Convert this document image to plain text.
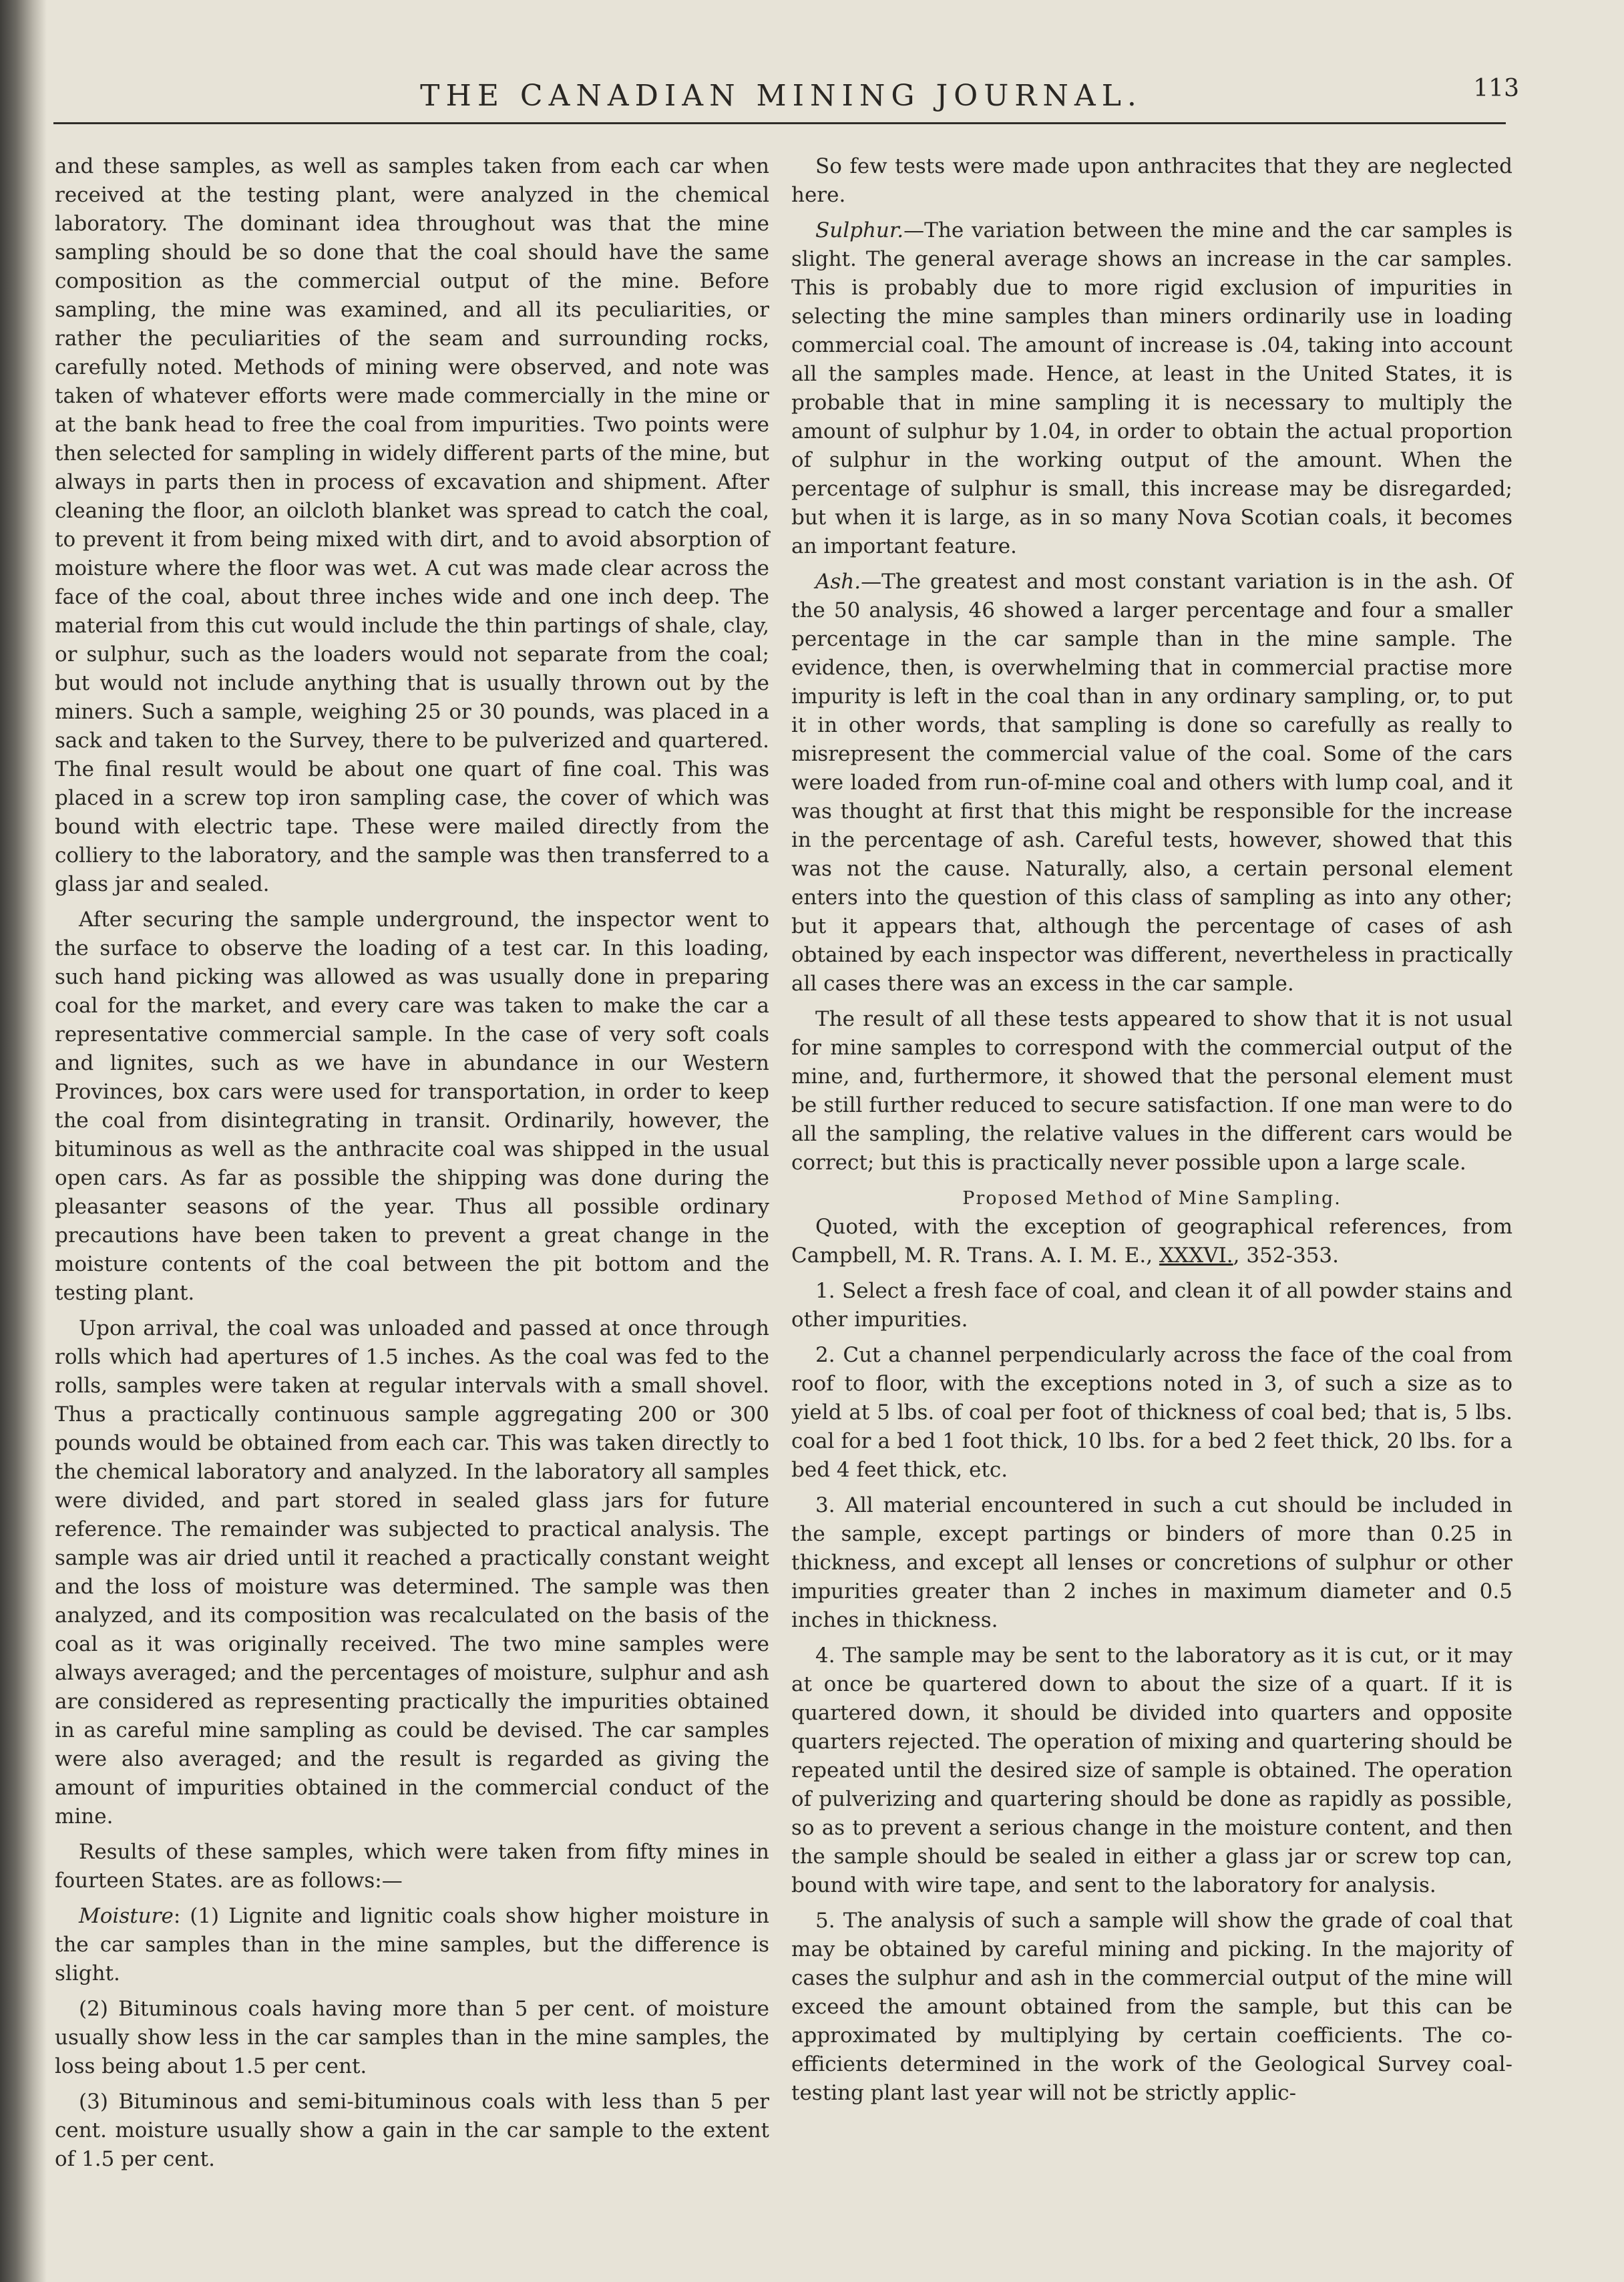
THE CANADIAN MINING JOURNAL.	113

and these samples, as well as samples taken from each car when received at the testing plant, were analyzed in the chemical laboratory. The dominant idea throughout was that the mine sampling should be so done that the coal should have the same composition as the commercial output of the mine. Before sampling, the mine was examined, and all its peculiarities, or rather the peculiarities of the seam and surrounding rocks, carefully noted. Methods of mining were observed, and note was taken of whatever efforts were made commercially in the mine or at the bank head to free the coal from impurities. Two points were then selected for sampling in widely different parts of the mine, but always in parts then in process of excavation and shipment. After cleaning the floor, an oilcloth blanket was spread to catch the coal, to prevent it from being mixed with dirt, and to avoid absorption of moisture where the floor was wet. A cut was made clear across the face of the coal, about three inches wide and one inch deep. The material from this cut would include the thin partings of shale, clay, or sulphur, such as the loaders would not separate from the coal; but would not include anything that is usually thrown out by the miners. Such a sample, weighing 25 or 30 pounds, was placed in a sack and taken to the Survey, there to be pulverized and quartered. The final result would be about one quart of fine coal. This was placed in a screw top iron sampling case, the cover of which was bound with electric tape. These were mailed directly from the colliery to the laboratory, and the sample was then transferred to a glass jar and sealed.

After securing the sample underground, the inspector went to the surface to observe the loading of a test car. In this loading, such hand picking was allowed as was usually done in preparing coal for the market, and every care was taken to make the car a representative commercial sample. In the case of very soft coals and lignites, such as we have in abundance in our Western Provinces, box cars were used for transportation, in order to keep the coal from disintegrating in transit. Ordinarily, however, the bituminous as well as the anthracite coal was shipped in the usual open cars. As far as possible the shipping was done during the pleasanter seasons of the year. Thus all possible ordinary precautions have been taken to prevent a great change in the moisture contents of the coal between the pit bottom and the testing plant.

Upon arrival, the coal was unloaded and passed at once through rolls which had apertures of 1.5 inches. As the coal was fed to the rolls, samples were taken at regular intervals with a small shovel. Thus a practically continuous sample aggregating 200 or 300 pounds would be obtained from each car. This was taken directly to the chemical laboratory and analyzed. In the laboratory all samples were divided, and part stored in sealed glass jars for future reference. The remainder was subjected to practical analysis. The sample was air dried until it reached a practically constant weight and the loss of moisture was determined. The sample was then analyzed, and its composition was recalculated on the basis of the coal as it was originally received. The two mine samples were always averaged; and the percentages of moisture, sulphur and ash are considered as representing practically the impurities obtained in as careful mine sampling as could be devised. The car samples were also averaged; and the result is regarded as giving the amount of impurities obtained in the commercial conduct of the mine.

Results of these samples, which were taken from fifty mines in fourteen States. are as follows:—

Moisture: (1) Lignite and lignitic coals show higher moisture in the car samples than in the mine samples, but the difference is slight.

(2) Bituminous coals having more than 5 per cent. of moisture usually show less in the car samples than in the mine samples, the loss being about 1.5 per cent.

(3) Bituminous and semi-bituminous coals with less than 5 per cent. moisture usually show a gain in the car sample to the extent of 1.5 per cent.

So few tests were made upon anthracites that they are neglected here.

Sulphur.—The variation between the mine and the car samples is slight. The general average shows an increase in the car samples. This is probably due to more rigid exclusion of impurities in selecting the mine samples than miners ordinarily use in loading commercial coal. The amount of increase is .04, taking into account all the samples made. Hence, at least in the United States, it is probable that in mine sampling it is necessary to multiply the amount of sulphur by 1.04, in order to obtain the actual proportion of sulphur in the working output of the amount. When the percentage of sulphur is small, this increase may be disregarded; but when it is large, as in so many Nova Scotian coals, it becomes an important feature.

Ash.—The greatest and most constant variation is in the ash. Of the 50 analysis, 46 showed a larger percentage and four a smaller percentage in the car sample than in the mine sample. The evidence, then, is overwhelming that in commercial practise more impurity is left in the coal than in any ordinary sampling, or, to put it in other words, that sampling is done so carefully as really to misrepresent the commercial value of the coal. Some of the cars were loaded from run-of-mine coal and others with lump coal, and it was thought at first that this might be responsible for the increase in the percentage of ash. Careful tests, however, showed that this was not the cause. Naturally, also, a certain personal element enters into the question of this class of sampling as into any other; but it appears that, although the percentage of cases of ash obtained by each inspector was different, nevertheless in practically all cases there was an excess in the car sample.

The result of all these tests appeared to show that it is not usual for mine samples to correspond with the commercial output of the mine, and, furthermore, it showed that the personal element must be still further reduced to secure satisfaction. If one man were to do all the sampling, the relative values in the different cars would be correct; but this is practically never possible upon a large scale.

Proposed Method of Mine Sampling.

Quoted, with the exception of geographical references, from Campbell, M. R. Trans. A. I. M. E., XXXVI., 352-353.

1. Select a fresh face of coal, and clean it of all powder stains and other impurities.

2. Cut a channel perpendicularly across the face of the coal from roof to floor, with the exceptions noted in 3, of such a size as to yield at 5 lbs. of coal per foot of thickness of coal bed; that is, 5 lbs. coal for a bed 1 foot thick, 10 lbs. for a bed 2 feet thick, 20 lbs. for a bed 4 feet thick, etc.

3. All material encountered in such a cut should be included in the sample, except partings or binders of more than 0.25 in thickness, and except all lenses or concretions of sulphur or other impurities greater than 2 inches in maximum diameter and 0.5 inches in thickness.

4. The sample may be sent to the laboratory as it is cut, or it may at once be quartered down to about the size of a quart. If it is quartered down, it should be divided into quarters and opposite quarters rejected. The operation of mixing and quartering should be repeated until the desired size of sample is obtained. The operation of pulverizing and quartering should be done as rapidly as possible, so as to prevent a serious change in the moisture content, and then the sample should be sealed in either a glass jar or screw top can, bound with wire tape, and sent to the laboratory for analysis.

5. The analysis of such a sample will show the grade of coal that may be obtained by careful mining and picking. In the majority of cases the sulphur and ash in the commercial output of the mine will exceed the amount obtained from the sample, but this can be approximated by multiplying by certain coefficients. The co-efficients determined in the work of the Geological Survey coal-testing plant last year will not be strictly applic-
